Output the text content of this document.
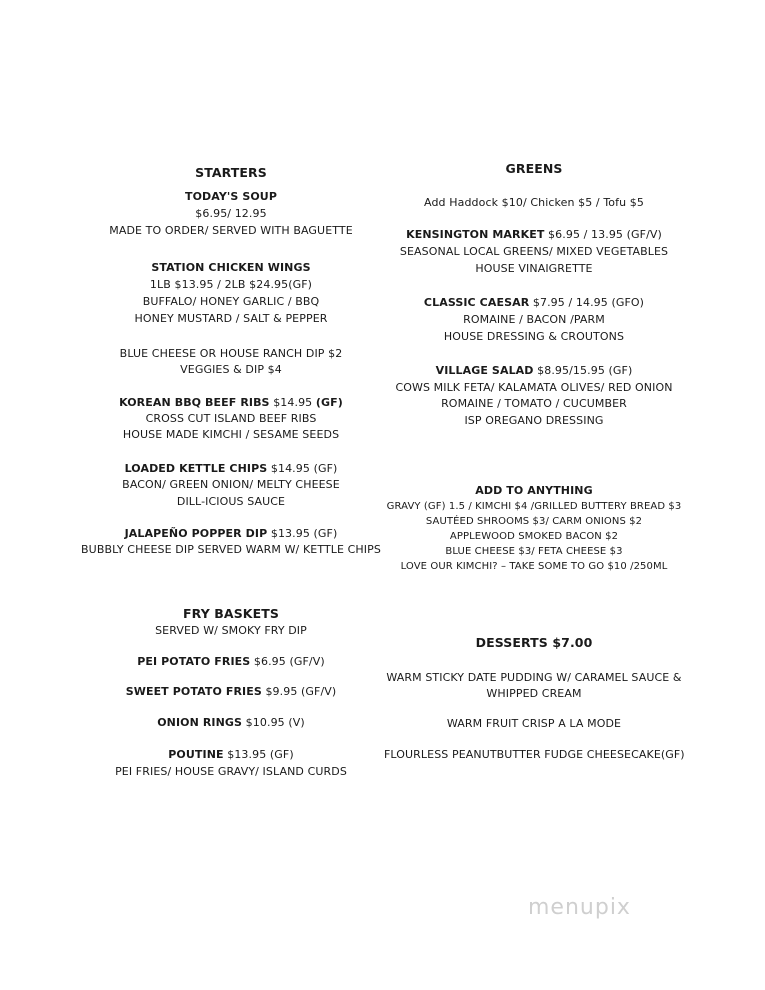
STARTERS
TODAY'S SOUP
$6.95/ 12.95
MADE TO ORDER/ SERVED WITH BAGUETTE
STATION CHICKEN WINGS
1LB $13.95 / 2LB $24.95(GF)
BUFFALO/ HONEY GARLIC / BBQ
HONEY MUSTARD / SALT & PEPPER
BLUE CHEESE OR HOUSE RANCH DIP $2
VEGGIES & DIP $4
KOREAN BBQ BEEF RIBS $14.95 (GF)
CROSS CUT ISLAND BEEF RIBS
HOUSE MADE KIMCHI / SESAME SEEDS
LOADED KETTLE CHIPS $14.95 (GF)
BACON/ GREEN ONION/ MELTY CHEESE
DILL-ICIOUS SAUCE
JALAPEÑO POPPER DIP $13.95 (GF)
BUBBLY CHEESE DIP SERVED WARM W/ KETTLE CHIPS
FRY BASKETS
SERVED W/ SMOKY FRY DIP
PEI POTATO FRIES $6.95 (GF/V)
SWEET POTATO FRIES $9.95 (GF/V)
ONION RINGS $10.95 (V)
POUTINE $13.95 (GF)
PEI FRIES/ HOUSE GRAVY/ ISLAND CURDS
GREENS
Add Haddock $10/ Chicken $5 / Tofu $5
KENSINGTON MARKET $6.95 / 13.95 (GF/V)
SEASONAL LOCAL GREENS/ MIXED VEGETABLES
HOUSE VINAIGRETTE
CLASSIC CAESAR $7.95 / 14.95 (GFO)
ROMAINE / BACON /PARM
HOUSE DRESSING & CROUTONS
VILLAGE SALAD $8.95/15.95 (GF)
COWS MILK FETA/ KALAMATA OLIVES/ RED ONION
ROMAINE / TOMATO / CUCUMBER
ISP OREGANO DRESSING
ADD TO ANYTHING
GRAVY (GF) 1.5 / KIMCHI $4 /GRILLED BUTTERY BREAD $3
SAUTÉED SHROOMS $3/ CARM ONIONS $2
APPLEWOOD SMOKED BACON $2
BLUE CHEESE $3/ FETA CHEESE $3
LOVE OUR KIMCHI? – TAKE SOME TO GO $10 /250ML
DESSERTS $7.00
WARM STICKY DATE PUDDING W/ CARAMEL SAUCE &
WHIPPED CREAM
WARM FRUIT CRISP A LA MODE
FLOURLESS PEANUTBUTTER FUDGE CHEESECAKE(GF)
menupix
